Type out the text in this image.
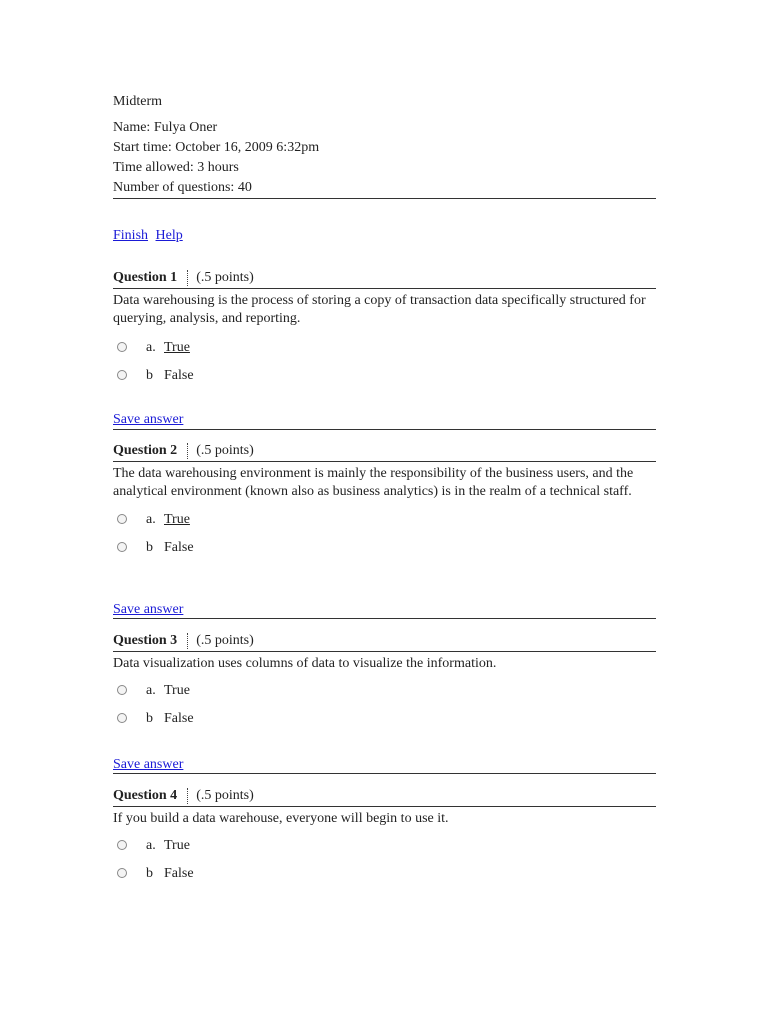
Midterm
Name: Fulya Oner
Start time: October 16, 2009 6:32pm
Time allowed: 3 hours
Number of questions: 40
Finish Help
Question 1 (.5 points)
Data warehousing is the process of storing a copy of transaction data specifically structured for querying, analysis, and reporting.
a. True
b False
Save answer
Question 2 (.5 points)
The data warehousing environment is mainly the responsibility of the business users, and the analytical environment (known also as business analytics) is in the realm of a technical staff.
a. True
b False
Save answer
Question 3 (.5 points)
Data visualization uses columns of data to visualize the information.
a. True
b False
Save answer
Question 4 (.5 points)
If you build a data warehouse, everyone will begin to use it.
a. True
b False
